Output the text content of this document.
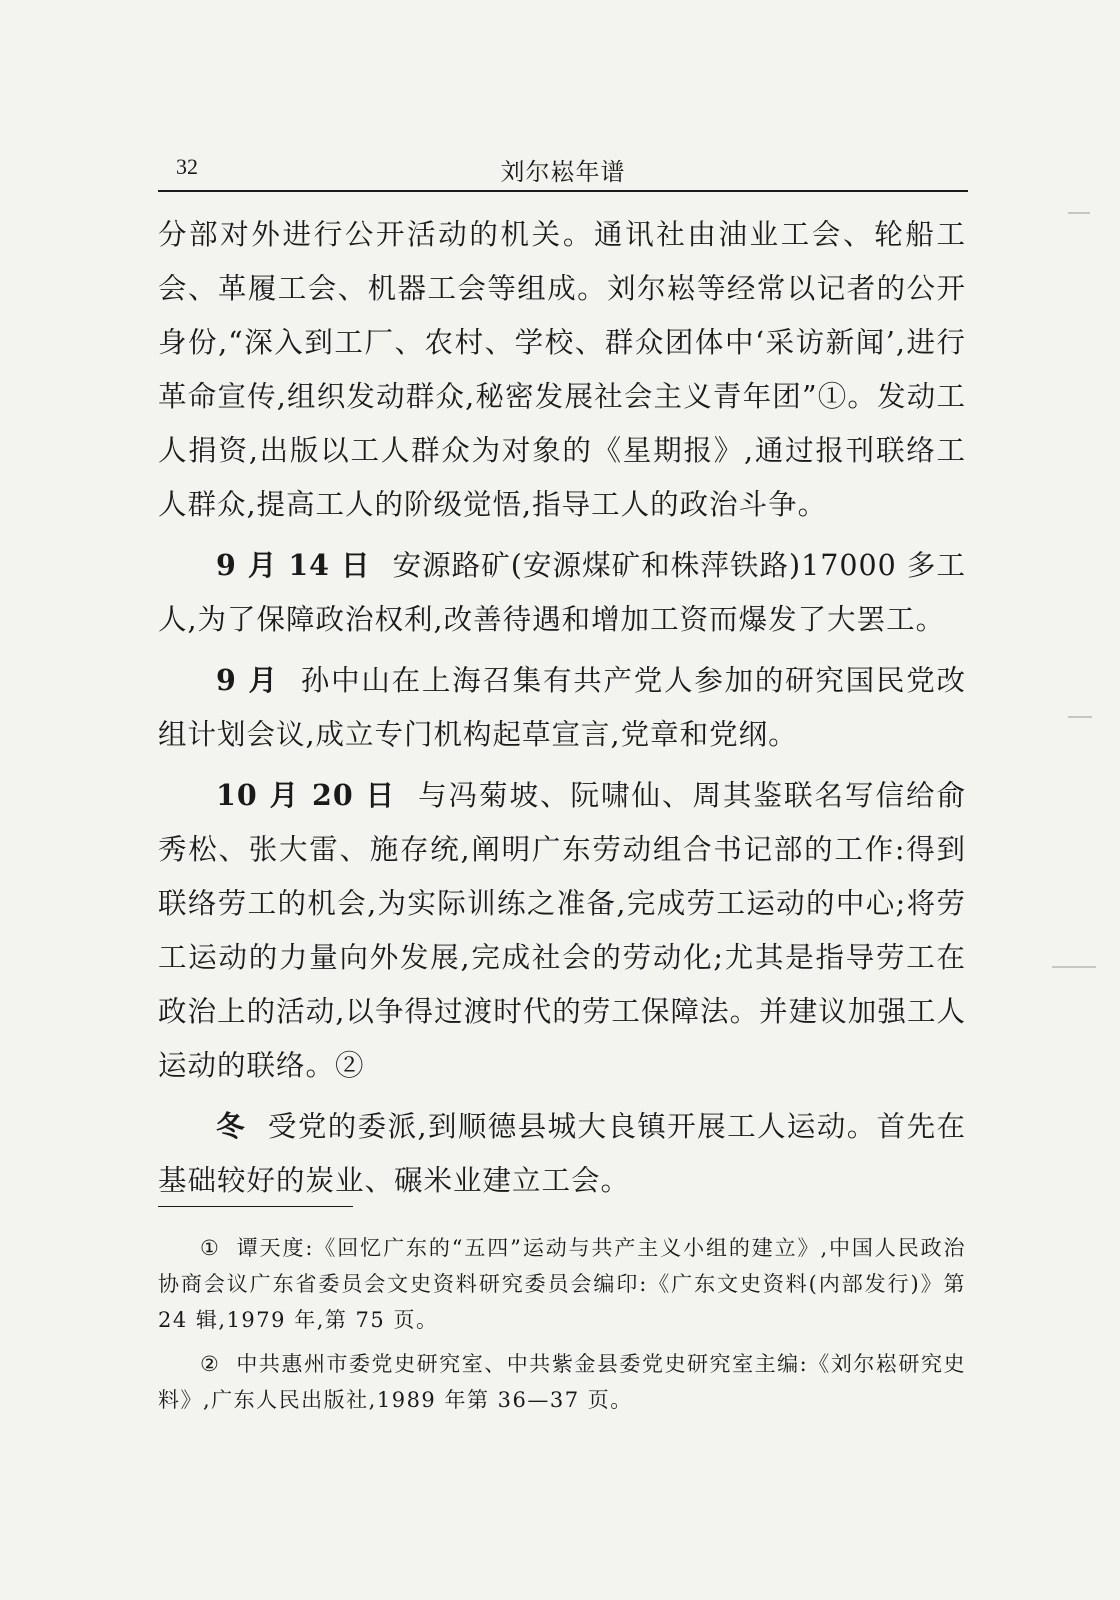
32	刘尔崧年谱

分部对外进行公开活动的机关。通讯社由油业工会、轮船工会、革履工会、机器工会等组成。刘尔崧等经常以记者的公开身份,“深入到工厂、农村、学校、群众团体中‘采访新闻’,进行革命宣传,组织发动群众,秘密发展社会主义青年团”①。发动工人捐资,出版以工人群众为对象的《星期报》,通过报刊联络工人群众,提高工人的阶级觉悟,指导工人的政治斗争。

9 月 14 日 安源路矿(安源煤矿和株萍铁路)17000 多工人,为了保障政治权利,改善待遇和增加工资而爆发了大罢工。

9 月 孙中山在上海召集有共产党人参加的研究国民党改组计划会议,成立专门机构起草宣言,党章和党纲。

10 月 20 日 与冯菊坡、阮啸仙、周其鉴联名写信给俞秀松、张大雷、施存统,阐明广东劳动组合书记部的工作:得到联络劳工的机会,为实际训练之准备,完成劳工运动的中心;将劳工运动的力量向外发展,完成社会的劳动化;尤其是指导劳工在政治上的活动,以争得过渡时代的劳工保障法。并建议加强工人运动的联络。②

冬 受党的委派,到顺德县城大良镇开展工人运动。首先在基础较好的炭业、碾米业建立工会。

① 谭天度:《回忆广东的“五四”运动与共产主义小组的建立》,中国人民政治协商会议广东省委员会文史资料研究委员会编印:《广东文史资料(内部发行)》第 24 辑,1979 年,第 75 页。

② 中共惠州市委党史研究室、中共紫金县委党史研究室主编:《刘尔崧研究史料》,广东人民出版社,1989 年第 36—37 页。
